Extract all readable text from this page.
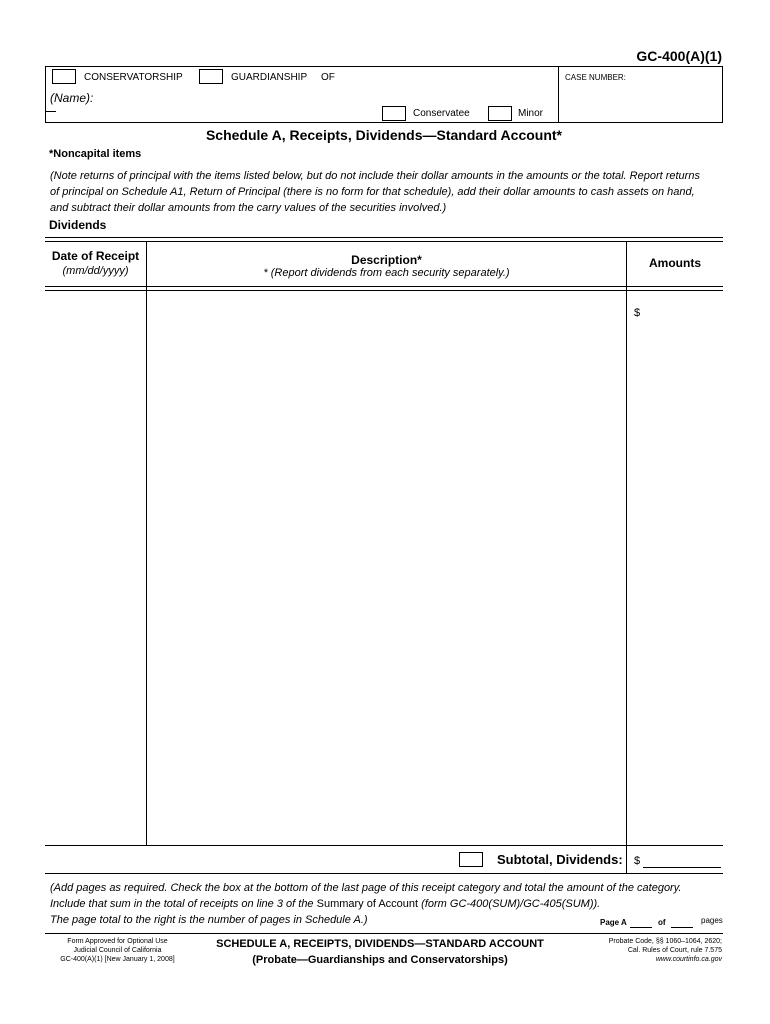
GC-400(A)(1)
CONSERVATORSHIP	GUARDIANSHIP OF
(Name):
Conservatee	Minor
CASE NUMBER:
Schedule A, Receipts, Dividends—Standard Account*
*Noncapital items
(Note returns of principal with the items listed below, but do not include their dollar amounts in the amounts or the total. Report returns
of principal on Schedule A1, Return of Principal (there is no form for that schedule), add their dollar amounts to cash assets on hand,
and subtract their dollar amounts from the carry values of the securities involved.)
Dividends
Date of Receipt
(mm/dd/yyyy)
Description*
* (Report dividends from each security separately.)
Amounts
$
Subtotal, Dividends: $
(Add pages as required. Check the box at the bottom of the last page of this receipt category and total the amount of the category.
Include that sum in the total of receipts on line 3 of the Summary of Account (form GC-400(SUM)/GC-405(SUM)).
The page total to the right is the number of pages in Schedule A.)	Page A	of	pages
Form Approved for Optional Use
Judicial Council of California
GC-400(A)(1) [New January 1, 2008]
SCHEDULE A, RECEIPTS, DIVIDENDS—STANDARD ACCOUNT
(Probate—Guardianships and Conservatorships)
Probate Code, §§ 1060–1064, 2620;
Cal. Rules of Court, rule 7.575
www.courtinfo.ca.gov
